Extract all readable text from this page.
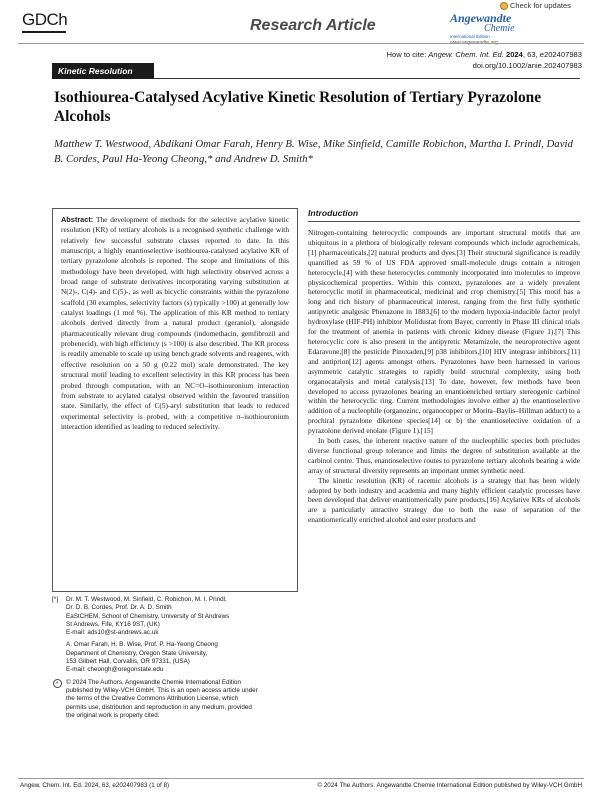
GDCh	Research Article	Angewandte
Chemie
International Edition
Check for updates
How to cite: Angew. Chem. Int. Ed. 2024, 63, e202407983
doi.org/10.1002/anie.202407983
Kinetic Resolution
Isothiourea-Catalysed Acylative Kinetic Resolution of Tertiary Pyrazolone Alcohols

Matthew T. Westwood, Abdikani Omar Farah, Henry B. Wise, Mike Sinfield, Camille Robichon, Martha I. Prindl, David B. Cordes, Paul Ha-Yeong Cheong,* and Andrew D. Smith*

Abstract: The development of methods for the selective acylative kinetic resolution (KR) of tertiary alcohols is a recognised synthetic challenge with relatively few successful substrate classes reported to date. In this manuscript, a highly enantioselective isothiourea-catalysed acylative KR of tertiary pyrazolone alcohols is reported. The scope and limitations of this methodology have been developed, with high selectivity observed across a broad range of substrate derivatives incorporating varying substitution at N(2)-, C(4)- and C(5)-, as well as bicyclic constraints within the pyrazolone scaffold (30 examples, selectivity factors (s) typically >100) at generally low catalyst loadings (1 mol %). The application of this KR method to tertiary alcohols derived directly from a natural product (geraniol), alongside pharmaceutically relevant drug compounds (indomethacin, gemfibrozil and probenecid), with high efficiency (s >100) is also described. The KR process is readily amenable to scale up using bench grade solvents and reagents, with effective resolution on a 50 g (0.22 mol) scale demonstrated. The key structural motif leading to excellent selectivity in this KR process has been probed through computation, with an NC=O–isothiouronium interaction from substrate to acylated catalyst observed within the favoured transition state. Similarly, the effect of C(5)-aryl substitution that leads to reduced experimental selectivity is probed, with a competitive π–isothiouronium interaction identified as leading to reduced selectivity.
Introduction

Nitrogen-containing heterocyclic compounds are important structural motifs that are ubiquitous in a plethora of biologically relevant compounds which include agrochemicals,[1] pharmaceuticals,[2] natural products and dyes.[3] Their structural significance is readily quantified as 59 % of US FDA approved small-molecule drugs contain a nitrogen heterocycle,[4] with these heterocycles commonly incorporated into molecules to improve physicochemical properties. Within this context, pyrazolones are a widely prevalent heterocyclic motif in pharmaceutical, medicinal and crop chemistry.[5] This motif has a long and rich history of pharmaceutical interest, ranging from the first fully synthetic antipyretic analgesic Phenazone in 1883,[6] to the modern hypoxia-inducible factor prolyl hydroxylase (HIF-PH) inhibitor Molidustat from Bayer, currently in Phase III clinical trials for the treatment of anemia in patients with chronic kidney disease (Figure 1).[7] This heterocyclic core is also present in the antipyretic Metamizole, the neuroprotective agent Edaravone,[8] the pesticide Pinoxaden,[9] p38 inhibitors,[10] HIV integrase inhibitors,[11] and antiprion[12] agents amongst others. Pyrazolones have been harnessed in various asymmetric catalytic strategies to rapidly build structural complexity, using both organocatalysis and metal catalysis.[13] To date, however, few methods have been developed to access pyrazolones bearing an enantioenriched tertiary stereogenic carbinol within the heterocyclic ring. Current methodologies involve either a) the enantioselective addition of a nucleophile (organozinc, organocopper or Morita–Baylis–Hillman adduct) to a prochiral pyrazolone diketone species[14] or b) the enantioselective oxidation of a pyrazolone derived enolate (Figure 1).[15]

In both cases, the inherent reactive nature of the nucleophilic species both precludes diverse functional group tolerance and limits the degree of substitution available at the carbinol centre. Thus, enantioselective routes to pyrazolone tertiary alcohols bearing a wide array of structural diversity represents an important unmet synthetic need.

The kinetic resolution (KR) of racemic alcohols is a strategy that has been widely adopted by both industry and academia and many highly efficient catalytic processes have been developed that deliver enantiomerically pure products.[16] Acylative KRs of alcohols are a particularly attractive strategy due to both the ease of separation of the enantiomerically enriched alcohol and ester products and

[*] Dr. M. T. Westwood, M. Sinfield, C. Robichon, M. I. Prindl,
Dr. D. B. Cordes, Prof. Dr. A. D. Smith
EaStCHEM, School of Chemistry, University of St Andrews
St Andrews, Fife, KY16 9ST, (UK)
E-mail: ads10@st-andrews.ac.uk
A. Omar Farah, H. B. Wise, Prof. P. Ha-Yeong Cheong
Department of Chemistry, Oregon State University,
153 Gilbert Hall, Corvallis, OR 97331, (USA)
E-mail: cheongh@oregonstate.edu
◐	© 2024 The Authors. Angewandte Chemie International Edition
published by Wiley-VCH GmbH. This is an open access article under
the terms of the Creative Commons Attribution License, which
permits use, distribution and reproduction in any medium, provided
the original work is properly cited.
Angew. Chem. Int. Ed. 2024, 63, e202407983 (1 of 8)	© 2024 The Authors. Angewandte Chemie International Edition published by Wiley-VCH GmbH
